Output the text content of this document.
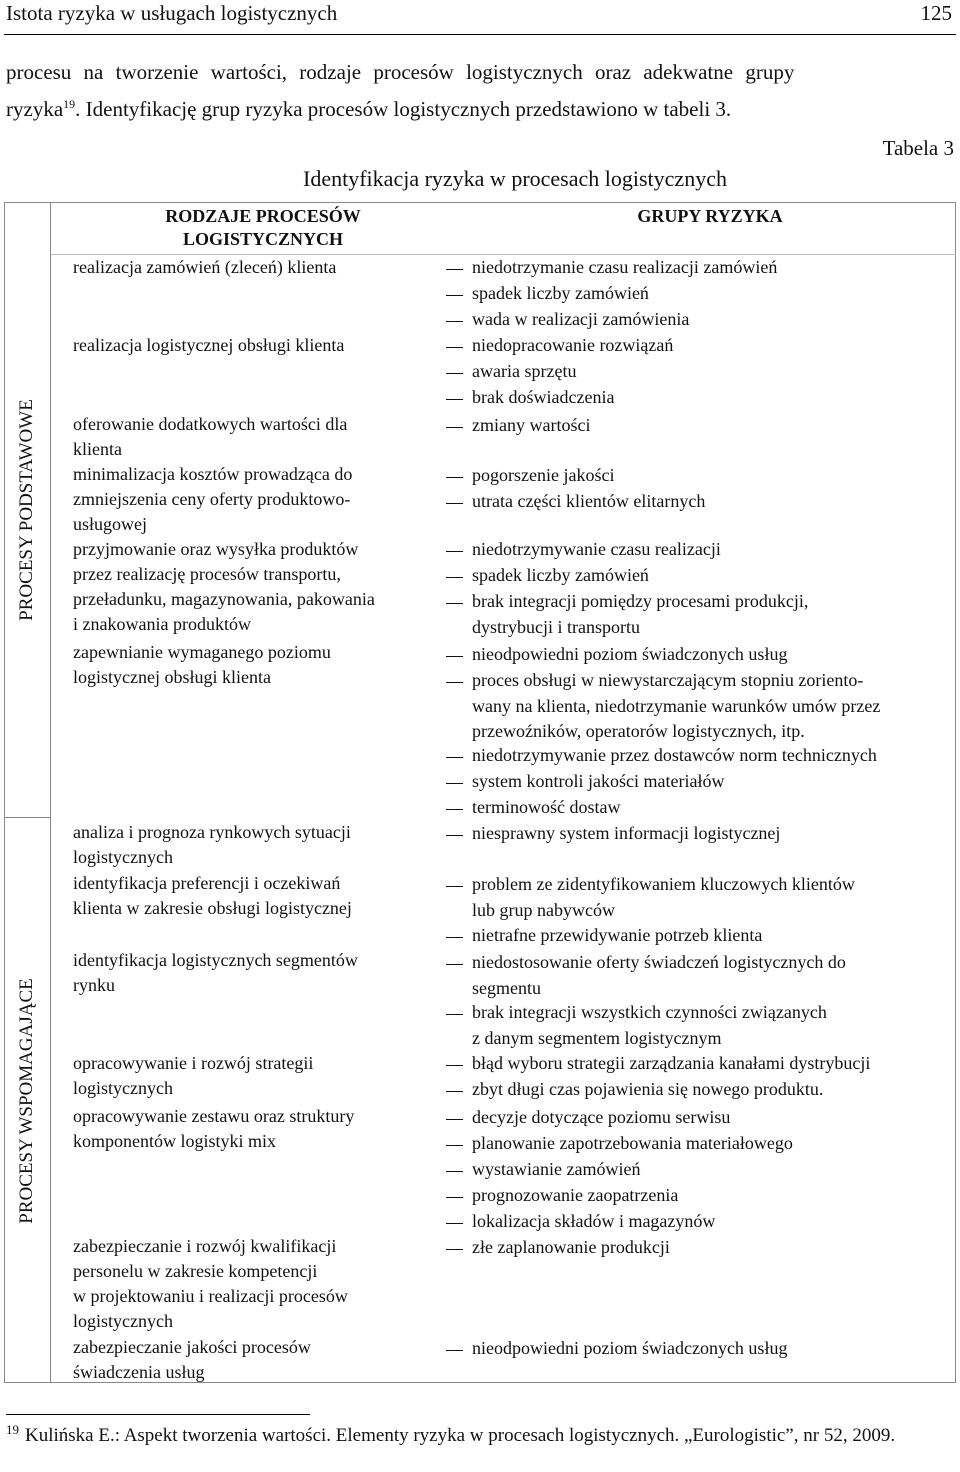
Istota ryzyka w usługach logistycznych	125
procesu na tworzenie wartości, rodzaje procesów logistycznych oraz adekwatne grupy
ryzyka$^{19}$. Identyfikację grup ryzyka procesów logistycznych przedstawiono w tabeli 3.
Tabela 3
Identyfikacja ryzyka w procesach logistycznych
PROCESY PODSTAWOWE
PROCESY WSPOMAGAJĄCE
RODZAJE PROCESÓW
LOGISTYCZNYCH
GRUPY RYZYKA
realizacja zamówień (zleceń) klienta
realizacja logistycznej obsługi klienta
oferowanie dodatkowych wartości dla
klienta
minimalizacja kosztów prowadząca do
zmniejszenia ceny oferty produktowo-
usługowej
przyjmowanie oraz wysyłka produktów
przez realizację procesów transportu,
przeładunku, magazynowania, pakowania
i znakowania produktów
zapewnianie wymaganego poziomu
logistycznej obsługi klienta
analiza i prognoza rynkowych sytuacji
logistycznych
identyfikacja preferencji i oczekiwań
klienta w zakresie obsługi logistycznej
identyfikacja logistycznych segmentów
rynku
opracowywanie i rozwój strategii
logistycznych
opracowywanie zestawu oraz struktury
komponentów logistyki mix
zabezpieczanie i rozwój kwalifikacji
personelu w zakresie kompetencji
w projektowaniu i realizacji procesów
logistycznych
zabezpieczanie jakości procesów
świadczenia usług
niedotrzymanie czasu realizacji zamówień
spadek liczby zamówień
wada w realizacji zamówienia
niedopracowanie rozwiązań
awaria sprzętu
brak doświadczenia
zmiany wartości
pogorszenie jakości
utrata części klientów elitarnych
niedotrzymywanie czasu realizacji
spadek liczby zamówień
brak integracji pomiędzy procesami produkcji,
dystrybucji i transportu
nieodpowiedni poziom świadczonych usług
proces obsługi w niewystarczającym stopniu zoriento-
wany na klienta, niedotrzymanie warunków umów przez
przewoźników, operatorów logistycznych, itp.
niedotrzymywanie przez dostawców norm technicznych
system kontroli jakości materiałów
terminowość dostaw
niesprawny system informacji logistycznej
problem ze zidentyfikowaniem kluczowych klientów
lub grup nabywców
nietrafne przewidywanie potrzeb klienta
niedostosowanie oferty świadczeń logistycznych do
segmentu
brak integracji wszystkich czynności związanych
z danym segmentem logistycznym
błąd wyboru strategii zarządzania kanałami dystrybucji
zbyt długi czas pojawienia się nowego produktu.
decyzje dotyczące poziomu serwisu
planowanie zapotrzebowania materiałowego
wystawianie zamówień
prognozowanie zaopatrzenia
lokalizacja składów i magazynów
złe zaplanowanie produkcji
nieodpowiedni poziom świadczonych usług
$^{19}$ Kulińska E.: Aspekt tworzenia wartości. Elementy ryzyka w procesach logistycznych. „Eurologistic”, nr 52, 2009.
